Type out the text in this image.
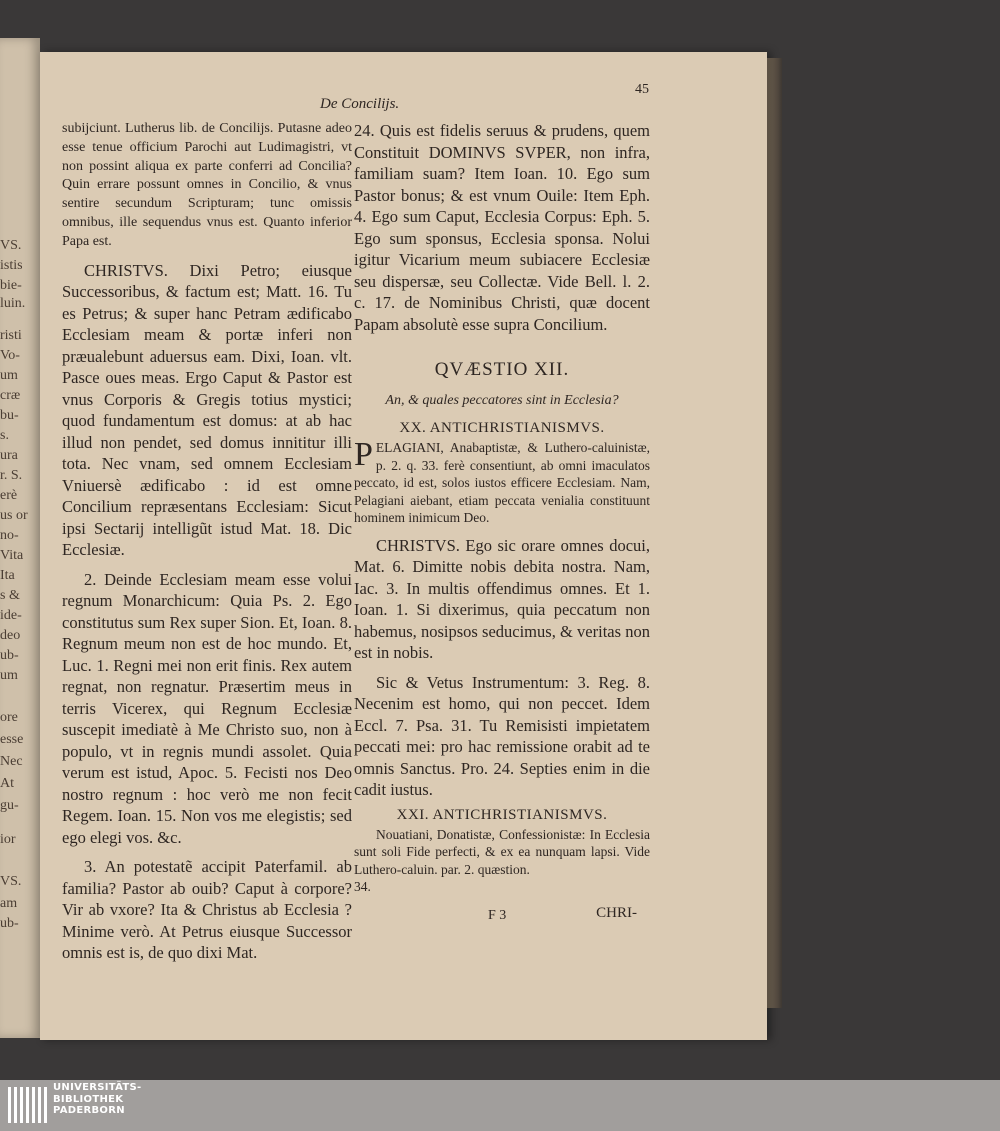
VS.
istis
bie-
luin.
risti
Vo-
um
cræ
bu-
s.
ura
r. S.
erè
us or
no-
Vita
Ita
s &
ide-
deo
ub-
um
ore
esse
Nec
At
gu-
ior
VS.
am
ub-
De Concilijs.
45

subijciunt. Lutherus lib. de Concilijs. Putasne adeo esse tenue officium Parochi aut Ludimagistri, vt non possint aliqua ex parte conferri ad Concilia? Quin errare possunt omnes in Concilio, & vnus sentire secundum Scripturam; tunc omissis omnibus, ille sequendus vnus est. Quanto inferior Papa est.

CHRISTVS. Dixi Petro; eiusque Successoribus, & factum est; Matt. 16. Tu es Petrus; & super hanc Petram ædificabo Ecclesiam meam & portæ inferi non præualebunt aduersus eam. Dixi, Ioan. vlt. Pasce oues meas. Ergo Caput & Pastor est vnus Corporis & Gregis totius mystici; quod fundamentum est domus: at ab hac illud non pendet, sed domus innititur illi tota. Nec vnam, sed omnem Ecclesiam Vniuersè ædificabo : id est omne Concilium repræsentans Ecclesiam: Sicut ipsi Sectarij intelligũt istud Mat. 18. Dic Ecclesiæ.

2. Deinde Ecclesiam meam esse volui regnum Monarchicum: Quia Ps. 2. Ego constitutus sum Rex super Sion. Et, Ioan. 8. Regnum meum non est de hoc mundo. Et, Luc. 1. Regni mei non erit finis. Rex autem regnat, non regnatur. Præsertim meus in terris Vicerex, qui Regnum Ecclesiæ suscepit imediatè à Me Christo suo, non à populo, vt in regnis mundi assolet. Quia verum est istud, Apoc. 5. Fecisti nos Deo nostro regnum : hoc verò me non fecit Regem. Ioan. 15. Non vos me elegistis; sed ego elegi vos. &c.

3. An potestatẽ accipit Paterfamil. ab familia? Pastor ab ouib? Caput à corpore? Vir ab vxore? Ita & Christus ab Ecclesia ? Minime verò. At Petrus eiusque Successor omnis est is, de quo dixi Mat.

24. Quis est fidelis seruus & prudens, quem Constituit DOMINVS SVPER, non infra, familiam suam? Item Ioan. 10. Ego sum Pastor bonus; & est vnum Ouile: Item Eph. 4. Ego sum Caput, Ecclesia Corpus: Eph. 5. Ego sum sponsus, Ecclesia sponsa. Nolui igitur Vicarium meum subiacere Ecclesiæ seu dispersæ, seu Collectæ. Vide Bell. l. 2. c. 17. de Nominibus Christi, quæ docent Papam absolutè esse supra Concilium.

QVÆSTIO XII.
An, & quales peccatores sint in Ecclesia?
XX. ANTICHRISTIANISMVS.

PELAGIANI, Anabaptistæ, & Luthero-caluinistæ, p. 2. q. 33. ferè consentiunt, ab omni imaculatos peccato, id est, solos iustos efficere Ecclesiam. Nam, Pelagiani aiebant, etiam peccata venialia constituunt hominem inimicum Deo.

CHRISTVS. Ego sic orare omnes docui, Mat. 6. Dimitte nobis debita nostra. Nam, Iac. 3. In multis offendimus omnes. Et 1. Ioan. 1. Si dixerimus, quia peccatum non habemus, nosipsos seducimus, & veritas non est in nobis.

Sic & Vetus Instrumentum: 3. Reg. 8. Necenim est homo, qui non peccet. Idem Eccl. 7. Psa. 31. Tu Remisisti impietatem peccati mei: pro hac remissione orabit ad te omnis Sanctus. Pro. 24. Septies enim in die cadit iustus.

XXI. ANTICHRISTIANISMVS.

Nouatiani, Donatistæ, Confessionistæ: In Ecclesia sunt soli Fide perfecti, & ex ea nunquam lapsi. Vide Luthero-caluin. par. 2. quæstion.

34.

F 3	CHRI-
UNIVERSITÄTS-
BIBLIOTHEK
PADERBORN
